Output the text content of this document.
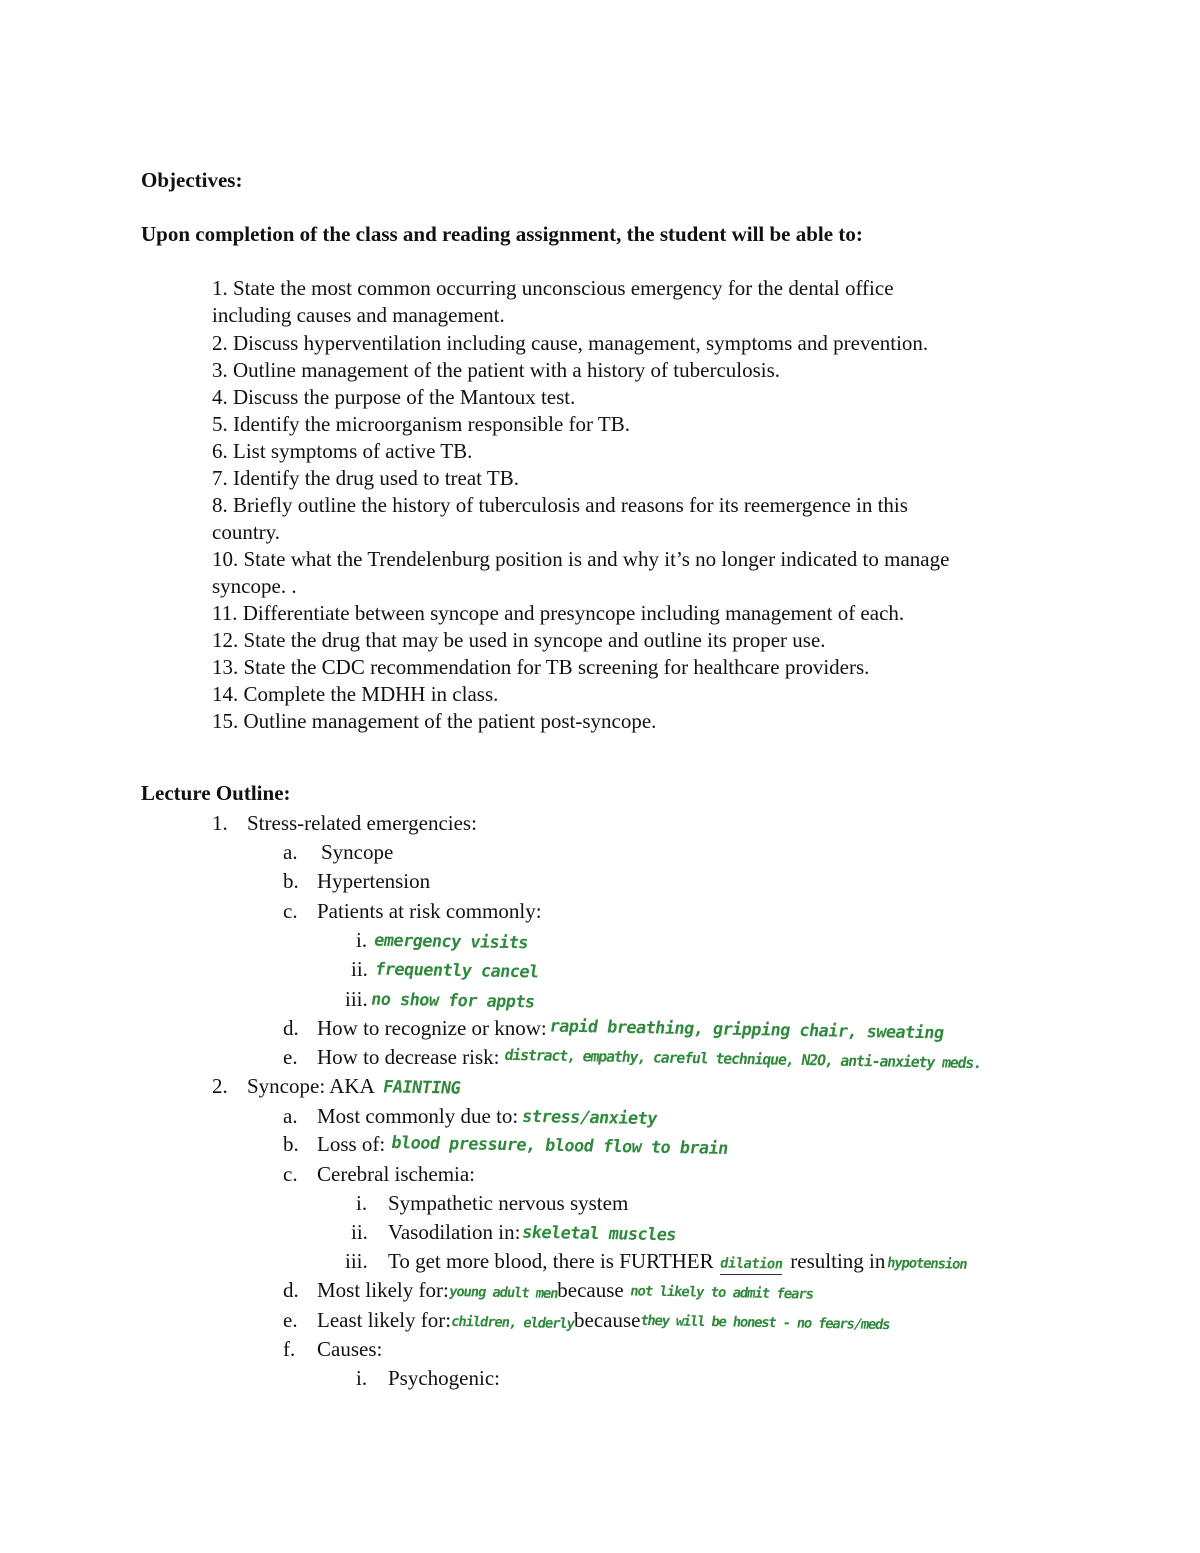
Objectives:
Upon completion of the class and reading assignment, the student will be able to:
1. State the most common occurring unconscious emergency for the dental office
including causes and management.
2. Discuss hyperventilation including cause, management, symptoms and prevention.
3. Outline management of the patient with a history of tuberculosis.
4. Discuss the purpose of the Mantoux test.
5. Identify the microorganism responsible for TB.
6. List symptoms of active TB.
7. Identify the drug used to treat TB.
8. Briefly outline the history of tuberculosis and reasons for its reemergence in this
country.
10. State what the Trendelenburg position is and why it’s no longer indicated to manage
syncope. .
11. Differentiate between syncope and presyncope including management of each.
12. State the drug that may be used in syncope and outline its proper use.
13. State the CDC recommendation for TB screening for healthcare providers.
14. Complete the MDHH in class.
15. Outline management of the patient post-syncope.
Lecture Outline:
1. Stress-related emergencies:
a. Syncope
b. Hypertension
c. Patients at risk commonly:
i. emergency visits
ii. frequently cancel
iii. no show for appts
d. How to recognize or know:rapid breathing, gripping chair, sweating
e. How to decrease risk: distract, empathy, careful technique, N2O, anti-anxiety meds.
2. Syncope: AKA FAINTING
a. Most commonly due to: stress/anxiety
b. Loss of: blood pressure, blood flow to brain
c. Cerebral ischemia:
i. Sympathetic nervous system
ii. Vasodilation in:skeletal muscles
iii. To get more blood, there is FURTHER dilation resulting inhypotension
d. Most likely for:young adult menbecause not likely to admit fears
e. Least likely for:children, elderlybecausethey will be honest - no fears/meds
f. Causes:
i. Psychogenic:
